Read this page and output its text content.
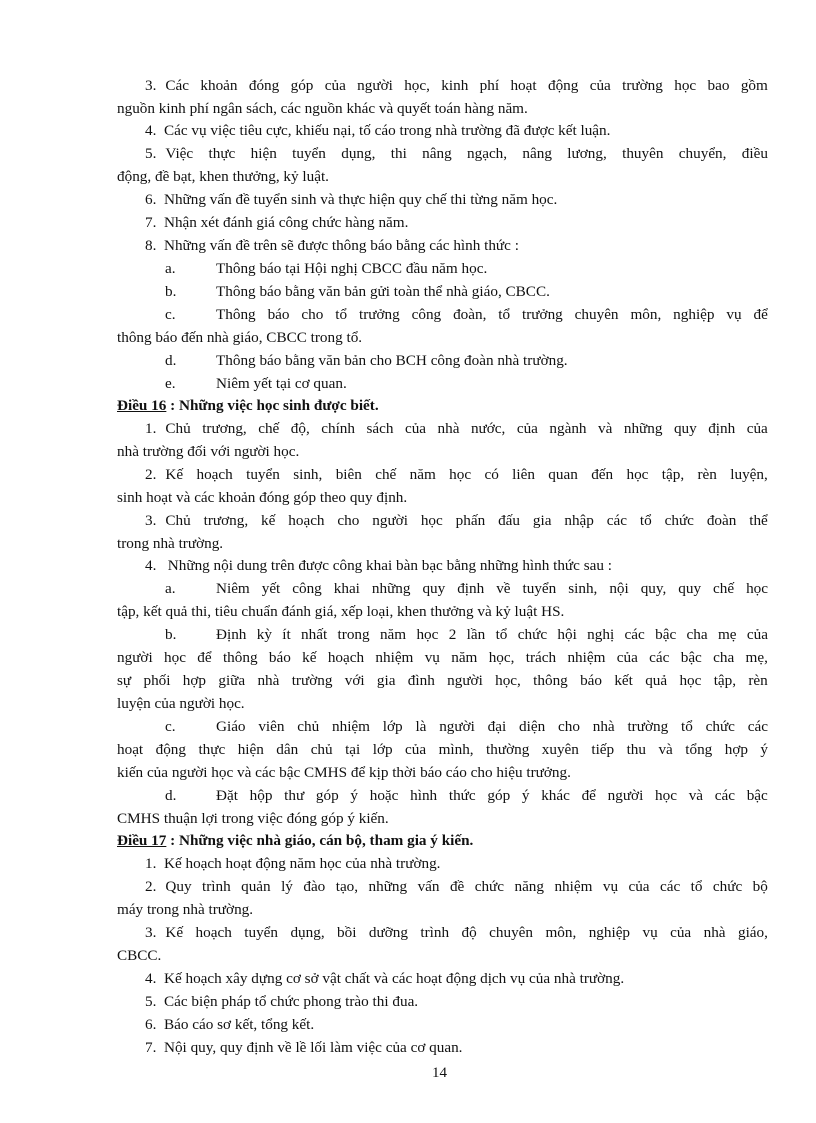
3. Các khoản đóng góp của người học, kinh phí hoạt động của trường học bao gồm
nguồn kinh phí ngân sách, các nguồn khác và quyết toán hàng năm.
4. Các vụ việc tiêu cực, khiếu nại, tố cáo trong nhà trường đã được kết luận.
5. Việc thực hiện tuyển dụng, thi nâng ngạch, nâng lương, thuyên chuyển, điều
động, đề bạt, khen thưởng, kỷ luật.
6. Những vấn đề tuyển sinh và thực hiện quy chế thi từng năm học.
7. Nhận xét đánh giá công chức hàng năm.
8. Những vấn đề trên sẽ được thông báo bằng các hình thức :
a.	Thông báo tại Hội nghị CBCC đầu năm học.
b.	Thông báo bằng văn bản gửi toàn thể nhà giáo, CBCC.
c.	Thông báo cho tổ trưởng công đoàn, tổ trưởng chuyên môn, nghiệp vụ để
thông báo đến nhà giáo, CBCC trong tổ.
d.	Thông báo bằng văn bản cho BCH công đoàn nhà trường.
e.	Niêm yết tại cơ quan.
Điều 16 : Những việc học sinh được biết.
1. Chủ trương, chế độ, chính sách của nhà nước, của ngành và những quy định của
nhà trường đối với người học.
2. Kế hoạch tuyển sinh, biên chế năm học có liên quan đến học tập, rèn luyện,
sinh hoạt và các khoản đóng góp theo quy định.
3. Chủ trương, kế hoạch cho người học phấn đấu gia nhập các tổ chức đoàn thể
trong nhà trường.
4. Những nội dung trên được công khai bàn bạc bằng những hình thức sau :
a.	Niêm yết công khai những quy định về tuyển sinh, nội quy, quy chế học
tập, kết quả thi, tiêu chuẩn đánh giá, xếp loại, khen thưởng và kỷ luật HS.
b.	Định kỳ ít nhất trong năm học 2 lần tổ chức hội nghị các bậc cha mẹ của
người học để thông báo kế hoạch nhiệm vụ năm học, trách nhiệm của các bậc cha mẹ,
sự phối hợp giữa nhà trường với gia đình người học, thông báo kết quả học tập, rèn
luyện của người học.
c.	Giáo viên chủ nhiệm lớp là người đại diện cho nhà trường tổ chức các
hoạt động thực hiện dân chủ tại lớp của mình, thường xuyên tiếp thu và tổng hợp ý
kiến của người học và các bậc CMHS để kịp thời báo cáo cho hiệu trưởng.
d.	Đặt hộp thư góp ý hoặc hình thức góp ý khác để người học và các bậc
CMHS thuận lợi trong việc đóng góp ý kiến.
Điều 17 : Những việc nhà giáo, cán bộ, tham gia ý kiến.
1. Kế hoạch hoạt động năm học của nhà trường.
2. Quy trình quản lý đào tạo, những vấn đề chức năng nhiệm vụ của các tổ chức bộ
máy trong nhà trường.
3. Kế hoạch tuyển dụng, bồi dưỡng trình độ chuyên môn, nghiệp vụ của nhà giáo,
CBCC.
4. Kế hoạch xây dựng cơ sở vật chất và các hoạt động dịch vụ của nhà trường.
5. Các biện pháp tổ chức phong trào thi đua.
6. Báo cáo sơ kết, tổng kết.
7. Nội quy, quy định về lề lối làm việc của cơ quan.
14
